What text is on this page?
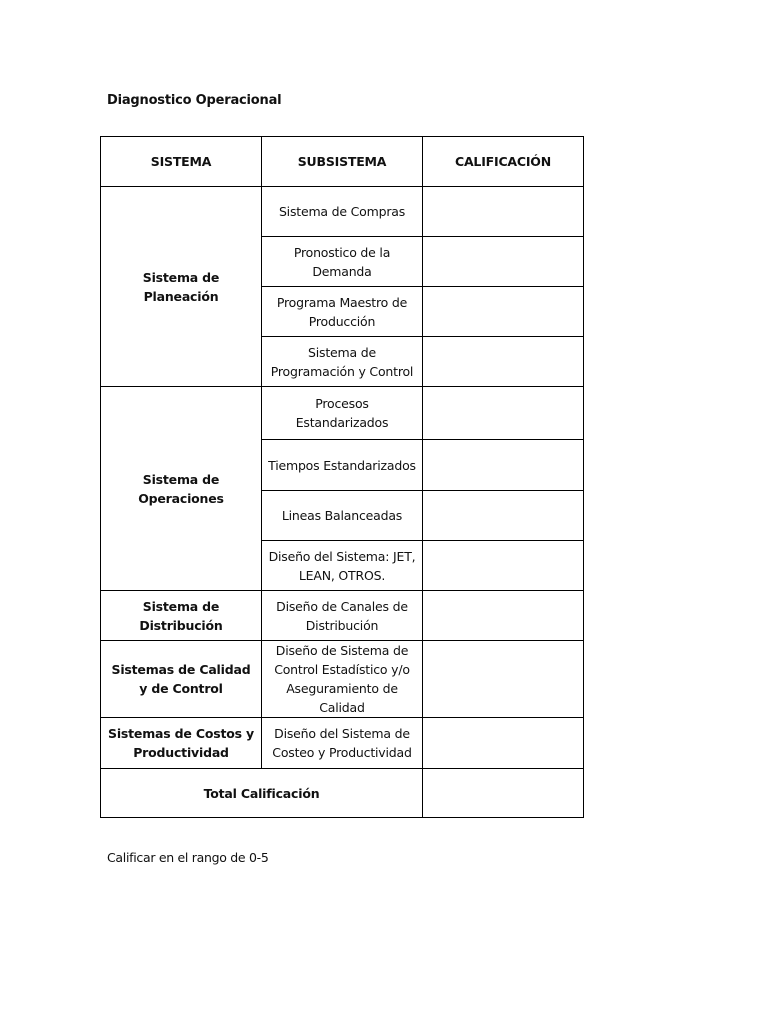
Diagnostico Operacional
SISTEMA	SUBSISTEMA	CALIFICACIÓN
Sistema de Planeación	Sistema de Compras	
	Pronostico de la Demanda	
	Programa Maestro de Producción	
	Sistema de Programación y Control	
Sistema de Operaciones	Procesos Estandarizados	
	Tiempos Estandarizados	
	Lineas Balanceadas	
	Diseño del Sistema: JET, LEAN, OTROS.	
Sistema de Distribución	Diseño de Canales de Distribución	
Sistemas de Calidad y de Control	Diseño de Sistema de Control Estadístico y/o Aseguramiento de Calidad	
Sistemas de Costos y Productividad	Diseño del Sistema de Costeo y Productividad	
Total Calificación		
Calificar en el rango de 0-5
